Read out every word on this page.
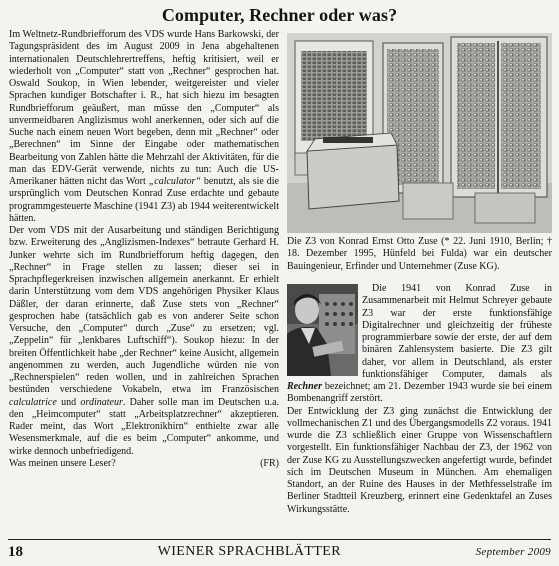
Computer, Rechner oder was?

Im Weltnetz-Rundbriefforum des VDS wurde Hans Barkowski, der Tagungspräsident des im August 2009 in Jena abgehaltenen internationalen Deutschlehrertreffens, heftig kritisiert, weil er wiederholt von „Computer“ statt von „Rechner“ gesprochen hat. Oswald Soukop, in Wien lebender, weitgereister und vieler Sprachen kundiger Botschafter i. R., hat sich hiezu im besagten Rundbriefforum geäußert, man müsse den „Computer“ als unvermeidbaren Anglizismus wohl anerkennen, oder sich auf die Suche nach einem neuen Wort begeben, denn mit „Rechner“ oder „Berechnen“ im Sinne der Eingabe oder mathematischen Bearbeitung von Zahlen hätte die Mehrzahl der Aktivitäten, für die man das EDV-Gerät verwende, nichts zu tun: Auch die US-Amerikaner hätten nicht das Wort „calculator“ benutzt, als sie die ursprünglich vom Deutschen Konrad Zuse erdachte und gebaute programmgesteuerte Maschine (1941 Z3) ab 1944 weiterentwickelt hätten.

Der vom VDS mit der Ausarbeitung und ständigen Berichtigung bzw. Erweiterung des „Anglizismen-Indexes“ betraute Gerhard H. Junker wehrte sich im Rundbriefforum heftig dagegen, den „Rechner“ in Frage stellen zu lassen; dieser sei in Sprachpflegerkreisen inzwischen allgemein anerkannt. Er erhielt darin Unterstützung vom dem VDS angehörigen Physiker Klaus Däßler, der daran erinnerte, daß Zuse stets von „Rechner“ gesprochen habe (tatsächlich gab es von anderer Seite schon Versuche, den „Computer“ durch „Zuse“ zu ersetzen; vgl. „Zeppelin“ für „lenkbares Luftschiff“). Soukop hiezu: In der breiten Öffentlichkeit habe „der Rechner“ keine Ausicht, allgemein angenommen zu werden, auch Jugendliche würden nie von „Rechnerspielen“ reden wollen, und in zahlreichen Sprachen bestünden verschiedene Vokabeln, etwa im Französischen calculatrice und ordinateur. Daher solle man im Deutschen u.a. den „Heimcomputer“ statt „Arbeitsplatzrechner“ akzeptieren. Rader meint, das Wort „Elektronikhirn“ enthielte zwar alle Wesensmerkmale, auf die es beim „Computer“ ankomme, und wirke dennoch unbefriedigend.

Was meinen unsere Leser?	(FR)
Die Z3 von Konrad Ernst Otto Zuse (* 22. Juni 1910, Berlin; † 18. Dezember 1995, Hünfeld bei Fulda) war ein deutscher Bauingenieur, Erfinder und Unternehmer (Zuse KG).

Die 1941 von Konrad Zuse in Zusammenarbeit mit Helmut Schreyer gebaute Z3 war der erste funktionsfähige Digitalrechner und gleichzeitig der früheste programmierbare sowie der erste, der auf dem binären Zahlensystem basierte. Die Z3 gilt daher, vor allem in Deutschland, als erster funktionsfähiger Computer, damals als Rechner bezeichnet; am 21. Dezember 1943 wurde sie bei einem Bombenangriff zerstört.

Der Entwicklung der Z3 ging zunächst die Entwicklung der vollmechanischen Z1 und des Übergangsmodells Z2 voraus. 1941 wurde die Z3 schließlich einer Gruppe von Wissenschaftlern vorgestellt. Ein funktionsfähiger Nachbau der Z3, der 1962 von der Zuse KG zu Ausstellungszwecken angefertigt wurde, befindet sich im Deutschen Museum in München. Am ehemaligen Standort, an der Ruine des Hauses in der Methfesselstraße im Berliner Stadtteil Kreuzberg, erinnert eine Gedenktafel an Zuses Wirkungsstätte.

18	WIENER SPRACHBLÄTTER	September 2009
